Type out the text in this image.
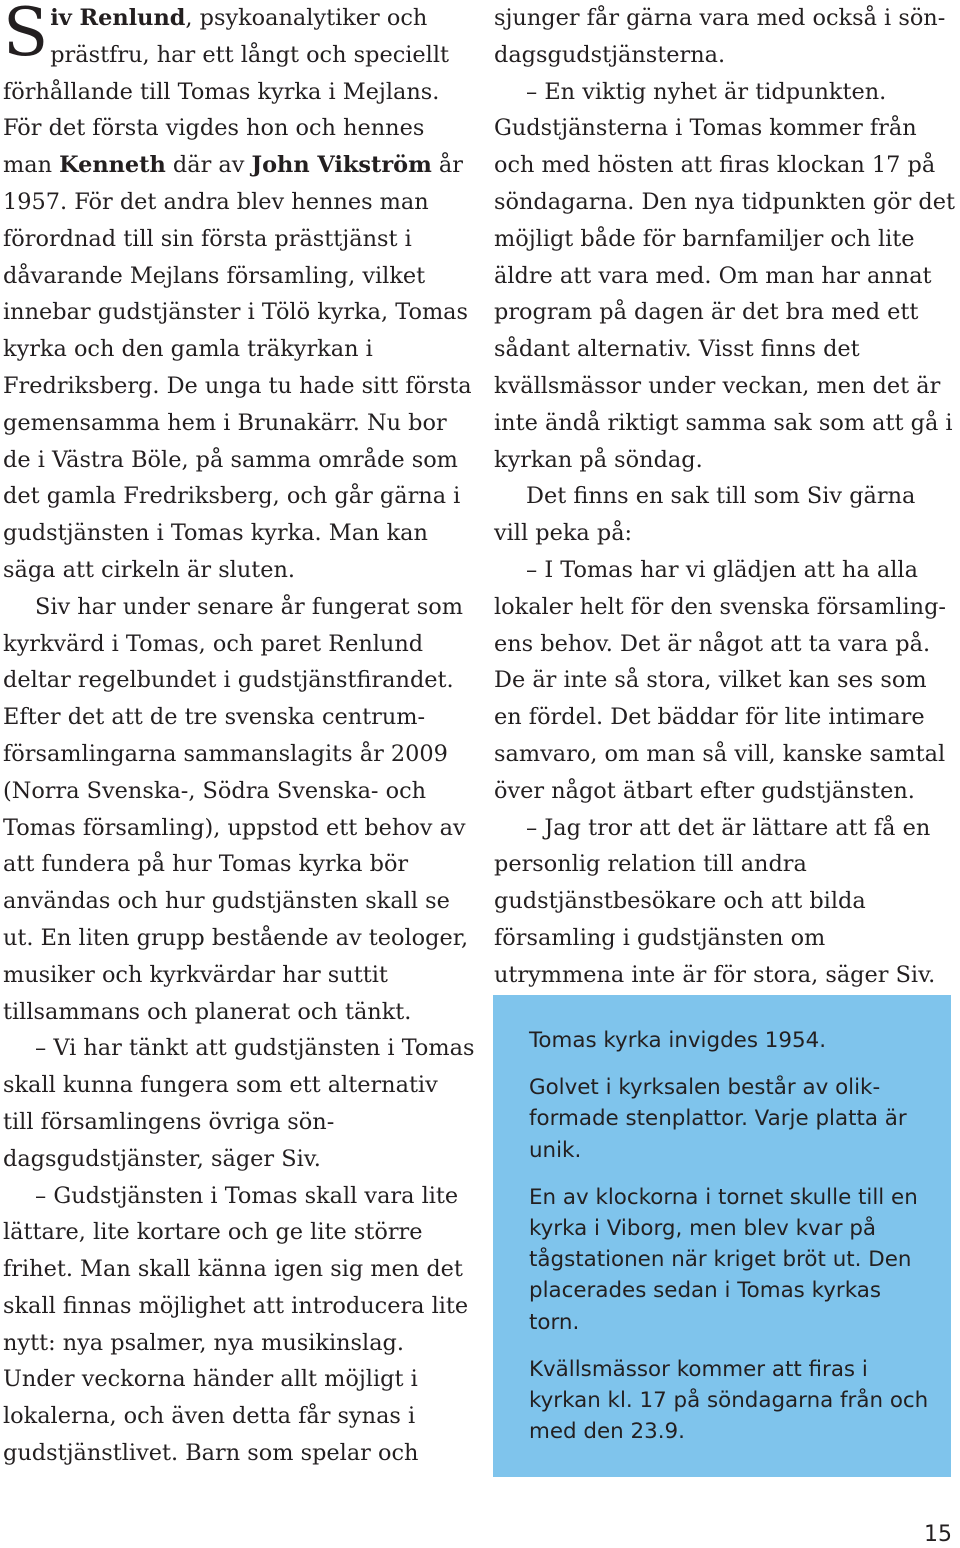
Siv Renlund, psykoanalytiker och prästfru, har ett långt och speciellt förhållande till Tomas kyrka i Mejlans. För det första vigdes hon och hennes man Kenneth där av John Vikström år 1957. För det andra blev hennes man förordnad till sin första prästtjänst i dåvarande Mejlans församling, vilket innebar gudstjänster i Tölö kyrka, Tomas kyrka och den gamla träkyrkan i Fredriksberg. De unga tu hade sitt första gemensamma hem i Brunakärr. Nu bor de i Västra Böle, på samma område som det gamla Fredriksberg, och går gärna i gudstjänsten i Tomas kyrka. Man kan säga att cirkeln är sluten.

Siv har under senare år fungerat som kyrkvärd i Tomas, och paret Renlund deltar regelbundet i gudstjänstfirandet. Efter det att de tre svenska centrumförsamlingarna sammanslagits år 2009 (Norra Svenska-, Södra Svenska- och Tomas församling), uppstod ett behov av att fundera på hur Tomas kyrka bör användas och hur gudstjänsten skall se ut. En liten grupp bestående av teologer, musiker och kyrkvärdar har suttit tillsammans och planerat och tänkt.

– Vi har tänkt att gudstjänsten i Tomas skall kunna fungera som ett alternativ till församlingens övriga söndagsgudstjänster, säger Siv.

– Gudstjänsten i Tomas skall vara lite lättare, lite kortare och ge lite större frihet. Man skall känna igen sig men det skall finnas möjlighet att introducera lite nytt: nya psalmer, nya musikinslag. Under veckorna händer allt möjligt i lokalerna, och även detta får synas i gudstjänstlivet. Barn som spelar och

sjunger får gärna vara med också i söndagsgudstjänsterna.

– En viktig nyhet är tidpunkten. Gudstjänsterna i Tomas kommer från och med hösten att firas klockan 17 på söndagarna. Den nya tidpunkten gör det möjligt både för barnfamiljer och lite äldre att vara med. Om man har annat program på dagen är det bra med ett sådant alternativ. Visst finns det kvällsmässor under veckan, men det är inte ändå riktigt samma sak som att gå i kyrkan på söndag.

Det finns en sak till som Siv gärna vill peka på:

– I Tomas har vi glädjen att ha alla lokaler helt för den svenska församlingens behov. Det är något att ta vara på. De är inte så stora, vilket kan ses som en fördel. Det bäddar för lite intimare samvaro, om man så vill, kanske samtal över något ätbart efter gudstjänsten.

– Jag tror att det är lättare att få en personlig relation till andra gudstjänstbesökare och att bilda församling i gudstjänsten om utrymmena inte är för stora, säger Siv.

Tomas kyrka invigdes 1954.

Golvet i kyrksalen består av olikformade stenplattor. Varje platta är unik.

En av klockorna i tornet skulle till en kyrka i Viborg, men blev kvar på tågstationen när kriget bröt ut. Den placerades sedan i Tomas kyrkas torn.

Kvällsmässor kommer att firas i kyrkan kl. 17 på söndagarna från och med den 23.9.

15
